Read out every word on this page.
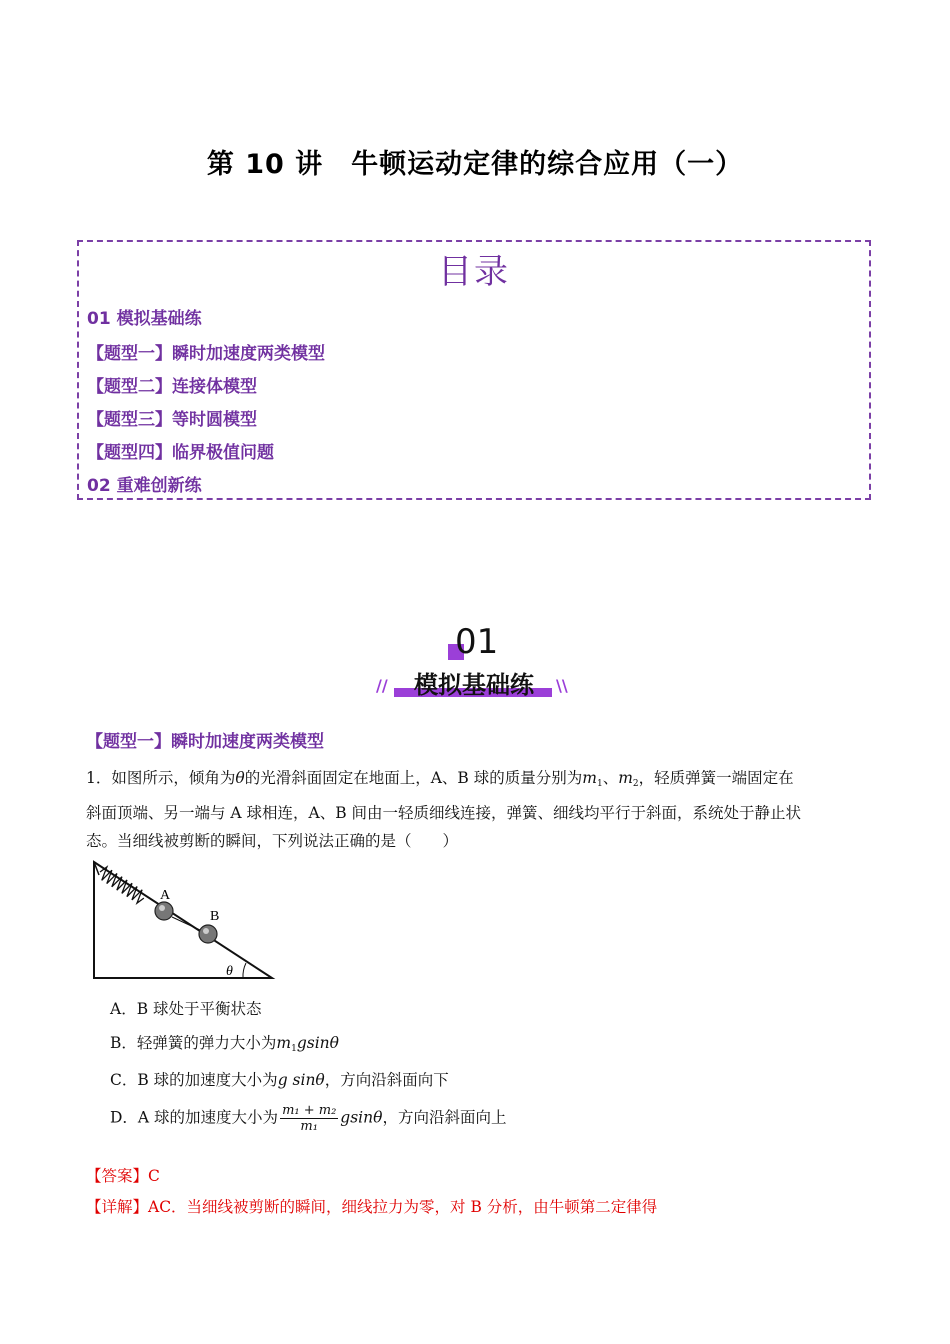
第 10 讲　牛顿运动定律的综合应用（一）
目录
01 模拟基础练
【题型一】瞬时加速度两类模型
【题型二】连接体模型
【题型三】等时圆模型
【题型四】临界极值问题
02 重难创新练
01
模拟基础练
//	\\
【题型一】瞬时加速度两类模型
1．如图所示，倾角为θ的光滑斜面固定在地面上，A、B 球的质量分别为$m_1$、$m_2$，轻质弹簧一端固定在
斜面顶端、另一端与 A 球相连，A、B 间由一轻质细线连接，弹簧、细线均平行于斜面，系统处于静止状
态。当细线被剪断的瞬间，下列说法正确的是（　　）
A
B
θ
A．B 球处于平衡状态
B．轻弹簧的弹力大小为$m_1gsin\theta$
C．B 球的加速度大小为g sinθ，方向沿斜面向下
D．A 球的加速度大小为 $\frac{\text{m₁ + m₂}}{\text{m₁}}$ gsinθ，方向沿斜面向上
【答案】C
【详解】AC．当细线被剪断的瞬间，细线拉力为零，对 B 分析，由牛顿第二定律得
